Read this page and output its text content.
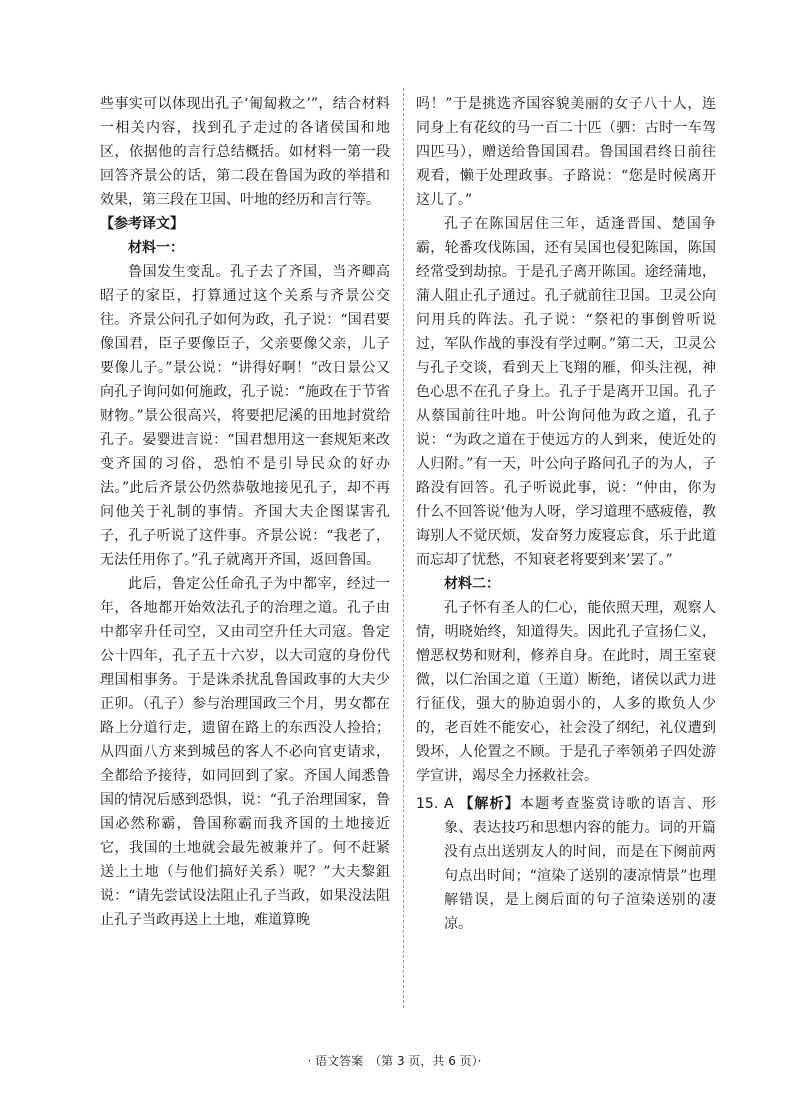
些事实可以体现出孔子‘匍匐救之’”，结合材料一相关内容，找到孔子走过的各诸侯国和地区，依据他的言行总结概括。如材料一第一段回答齐景公的话，第二段在鲁国为政的举措和效果，第三段在卫国、叶地的经历和言行等。

【参考译文】
材料一：

鲁国发生变乱。孔子去了齐国，当齐卿高昭子的家臣，打算通过这个关系与齐景公交往。齐景公问孔子如何为政，孔子说：“国君要像国君，臣子要像臣子，父亲要像父亲，儿子要像儿子。”景公说：“讲得好啊！”改日景公又向孔子询问如何施政，孔子说：“施政在于节省财物。”景公很高兴，将要把尼溪的田地封赏给孔子。晏婴进言说：“国君想用这一套规矩来改变齐国的习俗，恐怕不是引导民众的好办法。”此后齐景公仍然恭敬地接见孔子，却不再问他关于礼制的事情。齐国大夫企图谋害孔子，孔子听说了这件事。齐景公说：“我老了，无法任用你了。”孔子就离开齐国，返回鲁国。

此后，鲁定公任命孔子为中都宰，经过一年，各地都开始效法孔子的治理之道。孔子由中都宰升任司空，又由司空升任大司寇。鲁定公十四年，孔子五十六岁，以大司寇的身份代理国相事务。于是诛杀扰乱鲁国政事的大夫少正卯。（孔子）参与治理国政三个月，男女都在路上分道行走，遗留在路上的东西没人捡拾；从四面八方来到城邑的客人不必向官吏请求，全都给予接待，如同回到了家。齐国人闻悉鲁国的情况后感到恐惧，说：“孔子治理国家，鲁国必然称霸，鲁国称霸而我齐国的土地接近它，我国的土地就会最先被兼并了。何不赶紧送上土地（与他们搞好关系）呢？”大夫黎鉏说：“请先尝试设法阻止孔子当政，如果没法阻止孔子当政再送上土地，难道算晚

吗！”于是挑选齐国容貌美丽的女子八十人，连同身上有花纹的马一百二十匹（驷：古时一车驾四匹马），赠送给鲁国国君。鲁国国君终日前往观看，懒于处理政事。子路说：“您是时候离开这儿了。”

孔子在陈国居住三年，适逢晋国、楚国争霸，轮番攻伐陈国，还有吴国也侵犯陈国，陈国经常受到劫掠。于是孔子离开陈国。途经蒲地，蒲人阻止孔子通过。孔子就前往卫国。卫灵公向问用兵的阵法。孔子说：“祭祀的事倒曾听说过，军队作战的事没有学过啊。”第二天，卫灵公与孔子交谈，看到天上飞翔的雁，仰头注视，神色心思不在孔子身上。孔子于是离开卫国。孔子从蔡国前往叶地。叶公询问他为政之道，孔子说：“为政之道在于使远方的人到来，使近处的人归附。”有一天，叶公向子路问孔子的为人，子路没有回答。孔子听说此事，说：“仲由，你为什么不回答说‘他为人呀，学习道理不感疲倦，教诲别人不觉厌烦，发奋努力废寝忘食，乐于此道而忘却了忧愁，不知衰老将要到来’罢了。”

材料二：

孔子怀有圣人的仁心，能依照天理，观察人情，明晓始终，知道得失。因此孔子宣扬仁义，憎恶权势和财利，修养自身。在此时，周王室衰微，以仁治国之道（王道）断绝，诸侯以武力进行征伐，强大的胁迫弱小的，人多的欺负人少的，老百姓不能安心，社会没了纲纪，礼仪遭到毁坏，人伦置之不顾。于是孔子率领弟子四处游学宣讲，竭尽全力拯救社会。

15. A 【解析】本题考查鉴赏诗歌的语言、形象、表达技巧和思想内容的能力。词的开篇没有点出送别友人的时间，而是在下阕前两句点出时间；“渲染了送别的凄凉情景”也理解错误，是上阕后面的句子渲染送别的凄凉。
· 语文答案　（第 3 页，共 6 页）·
